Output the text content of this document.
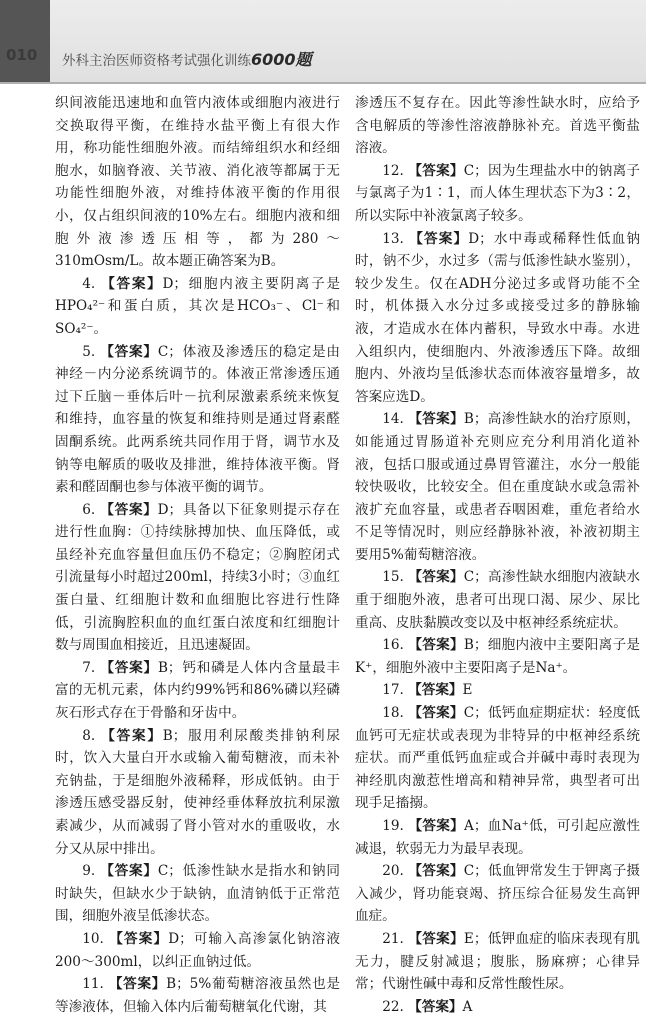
010 外科主治医师资格考试强化训练6000题

织间液能迅速地和血管内液体或细胞内液进行交换取得平衡，在维持水盐平衡上有很大作用，称功能性细胞外液。而结缔组织水和经细胞水，如脑脊液、关节液、消化液等都属于无功能性细胞外液，对维持体液平衡的作用很小，仅占组织间液的10%左右。细胞内液和细胞外液渗透压相等，都为280～310mOsm/L。故本题正确答案为B。

4. 【答案】D；细胞内液主要阴离子是HPO₄²⁻和蛋白质，其次是HCO₃⁻、Cl⁻和SO₄²⁻。

5. 【答案】C；体液及渗透压的稳定是由神经－内分泌系统调节的。体液正常渗透压通过下丘脑－垂体后叶－抗利尿激素系统来恢复和维持，血容量的恢复和维持则是通过肾素醛固酮系统。此两系统共同作用于肾，调节水及钠等电解质的吸收及排泄，维持体液平衡。肾素和醛固酮也参与体液平衡的调节。

6. 【答案】D；具备以下征象则提示存在进行性血胸：①持续脉搏加快、血压降低，或虽经补充血容量但血压仍不稳定；②胸腔闭式引流量每小时超过200ml，持续3小时；③血红蛋白量、红细胞计数和血细胞比容进行性降低，引流胸腔积血的血红蛋白浓度和红细胞计数与周围血相接近，且迅速凝固。

7. 【答案】B；钙和磷是人体内含量最丰富的无机元素，体内约99%钙和86%磷以羟磷灰石形式存在于骨骼和牙齿中。

8. 【答案】B；服用利尿酸类排钠利尿时，饮入大量白开水或输入葡萄糖液，而未补充钠盐，于是细胞外液稀释，形成低钠。由于渗透压感受器反射，使神经垂体释放抗利尿激素减少，从而减弱了肾小管对水的重吸收，水分又从尿中排出。

9. 【答案】C；低渗性缺水是指水和钠同时缺失，但缺水少于缺钠，血清钠低于正常范围，细胞外液呈低渗状态。

10. 【答案】D；可输入高渗氯化钠溶液200～300ml，以纠正血钠过低。

11. 【答案】B；5%葡萄糖溶液虽然也是等渗液体，但输入体内后葡萄糖氧化代谢，其

渗透压不复存在。因此等渗性缺水时，应给予含电解质的等渗性溶液静脉补充。首选平衡盐溶液。

12. 【答案】C；因为生理盐水中的钠离子与氯离子为1∶1，而人体生理状态下为3∶2，所以实际中补液氯离子较多。

13. 【答案】D；水中毒或稀释性低血钠时，钠不少，水过多（需与低渗性缺水鉴别），较少发生。仅在ADH分泌过多或肾功能不全时，机体摄入水分过多或接受过多的静脉输液，才造成水在体内蓄积，导致水中毒。水进入组织内，使细胞内、外液渗透压下降。故细胞内、外液均呈低渗状态而体液容量增多，故答案应选D。

14. 【答案】B；高渗性缺水的治疗原则，如能通过胃肠道补充则应充分利用消化道补液，包括口服或通过鼻胃管灌注，水分一般能较快吸收，比较安全。但在重度缺水或急需补液扩充血容量，或患者吞咽困难，重危者给水不足等情况时，则应经静脉补液，补液初期主要用5%葡萄糖溶液。

15. 【答案】C；高渗性缺水细胞内液缺水重于细胞外液，患者可出现口渴、尿少、尿比重高、皮肤黏膜改变以及中枢神经系统症状。

16. 【答案】B；细胞内液中主要阳离子是K⁺，细胞外液中主要阳离子是Na⁺。

17. 【答案】E

18. 【答案】C；低钙血症期症状：轻度低血钙可无症状或表现为非特异的中枢神经系统症状。而严重低钙血症或合并碱中毒时表现为神经肌肉激惹性增高和精神异常，典型者可出现手足搐搦。

19. 【答案】A；血Na⁺低，可引起应激性减退，软弱无力为最早表现。

20. 【答案】C；低血钾常发生于钾离子摄入减少，肾功能衰竭、挤压综合征易发生高钾血症。

21. 【答案】E；低钾血症的临床表现有肌无力，腱反射减退；腹胀，肠麻痹；心律异常；代谢性碱中毒和反常性酸性尿。

22. 【答案】A
